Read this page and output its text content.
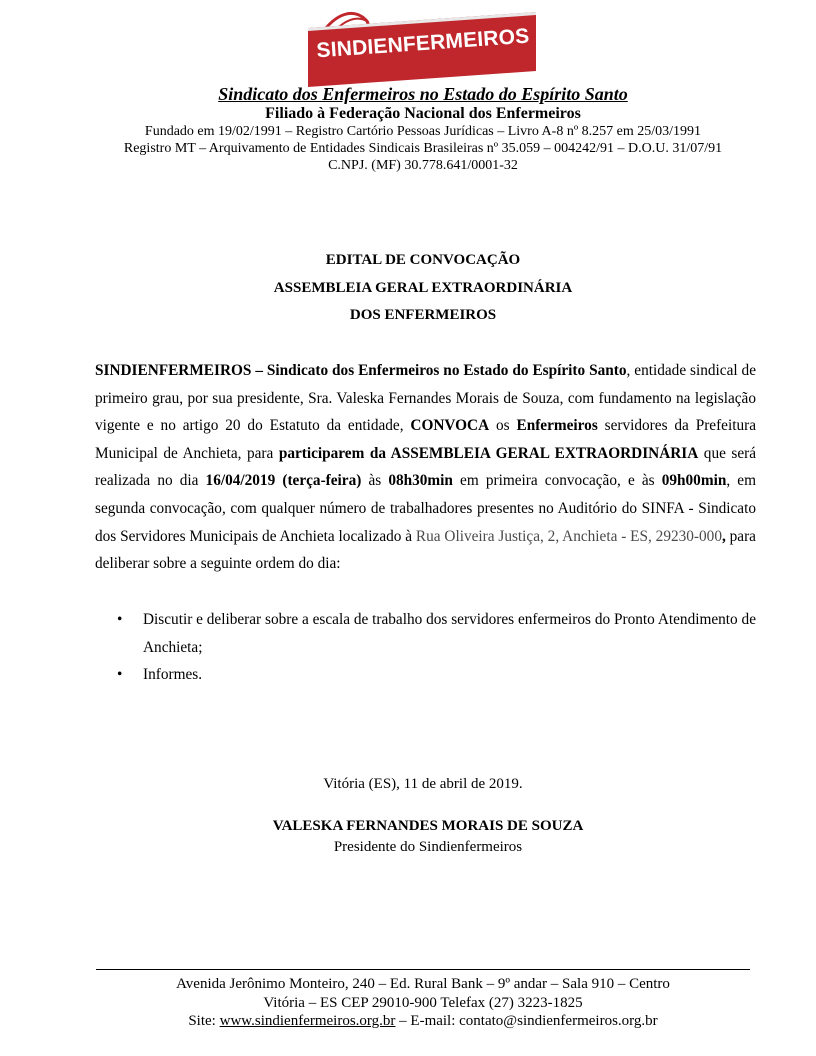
SINDIENFERMEIROS
Sindicato dos Enfermeiros no Estado do Espírito Santo
Filiado à Federação Nacional dos Enfermeiros
Fundado em 19/02/1991 – Registro Cartório Pessoas Jurídicas – Livro A-8 nº 8.257 em 25/03/1991
Registro MT – Arquivamento de Entidades Sindicais Brasileiras nº 35.059 – 004242/91 – D.O.U. 31/07/91
C.NPJ. (MF) 30.778.641/0001-32
EDITAL DE CONVOCAÇÃO
ASSEMBLEIA GERAL EXTRAORDINÁRIA
DOS ENFERMEIROS
SINDIENFERMEIROS – Sindicato dos Enfermeiros no Estado do Espírito Santo, entidade sindical de primeiro grau, por sua presidente, Sra. Valeska Fernandes Morais de Souza, com fundamento na legislação vigente e no artigo 20 do Estatuto da entidade, CONVOCA os Enfermeiros servidores da Prefeitura Municipal de Anchieta, para participarem da ASSEMBLEIA GERAL EXTRAORDINÁRIA que será realizada no dia 16/04/2019 (terça-feira) às 08h30min em primeira convocação, e às 09h00min, em segunda convocação, com qualquer número de trabalhadores presentes no Auditório do SINFA - Sindicato dos Servidores Municipais de Anchieta localizado à Rua Oliveira Justiça, 2, Anchieta - ES, 29230-000, para deliberar sobre a seguinte ordem do dia:
• Discutir e deliberar sobre a escala de trabalho dos servidores enfermeiros do Pronto Atendimento de Anchieta;
• Informes.
Vitória (ES), 11 de abril de 2019.
VALESKA FERNANDES MORAIS DE SOUZA
Presidente do Sindienfermeiros
Avenida Jerônimo Monteiro, 240 – Ed. Rural Bank – 9º andar – Sala 910 – Centro
Vitória – ES CEP 29010-900 Telefax (27) 3223-1825
Site: www.sindienfermeiros.org.br – E-mail: contato@sindienfermeiros.org.br
